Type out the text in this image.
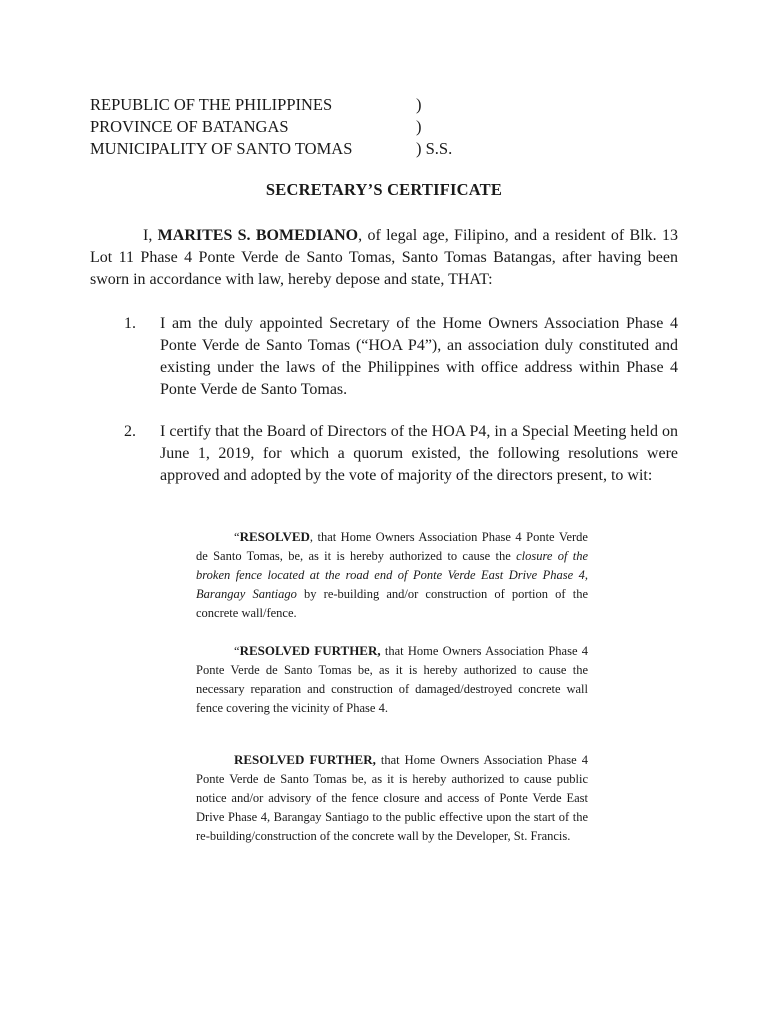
REPUBLIC OF THE PHILIPPINES	)
PROVINCE OF BATANGAS	)
MUNICIPALITY OF SANTO TOMAS	) S.S.
SECRETARY’S CERTIFICATE

I, MARITES S. BOMEDIANO, of legal age, Filipino, and a resident of Blk. 13 Lot 11 Phase 4 Ponte Verde de Santo Tomas, Santo Tomas Batangas, after having been sworn in accordance with law, hereby depose and state, THAT:

1. I am the duly appointed Secretary of the Home Owners Association Phase 4 Ponte Verde de Santo Tomas (“HOA P4”), an association duly constituted and existing under the laws of the Philippines with office address within Phase 4 Ponte Verde de Santo Tomas.
2. I certify that the Board of Directors of the HOA P4, in a Special Meeting held on June 1, 2019, for which a quorum existed, the following resolutions were approved and adopted by the vote of majority of the directors present, to wit:

“RESOLVED, that Home Owners Association Phase 4 Ponte Verde de Santo Tomas, be, as it is hereby authorized to cause the closure of the broken fence located at the road end of Ponte Verde East Drive Phase 4, Barangay Santiago by re-building and/or construction of portion of the concrete wall/fence.

“RESOLVED FURTHER, that Home Owners Association Phase 4 Ponte Verde de Santo Tomas be, as it is hereby authorized to cause the necessary reparation and construction of damaged/destroyed concrete wall fence covering the vicinity of Phase 4.

RESOLVED FURTHER, that Home Owners Association Phase 4 Ponte Verde de Santo Tomas be, as it is hereby authorized to cause public notice and/or advisory of the fence closure and access of Ponte Verde East Drive Phase 4, Barangay Santiago to the public effective upon the start of the re-building/construction of the concrete wall by the Developer, St. Francis.
